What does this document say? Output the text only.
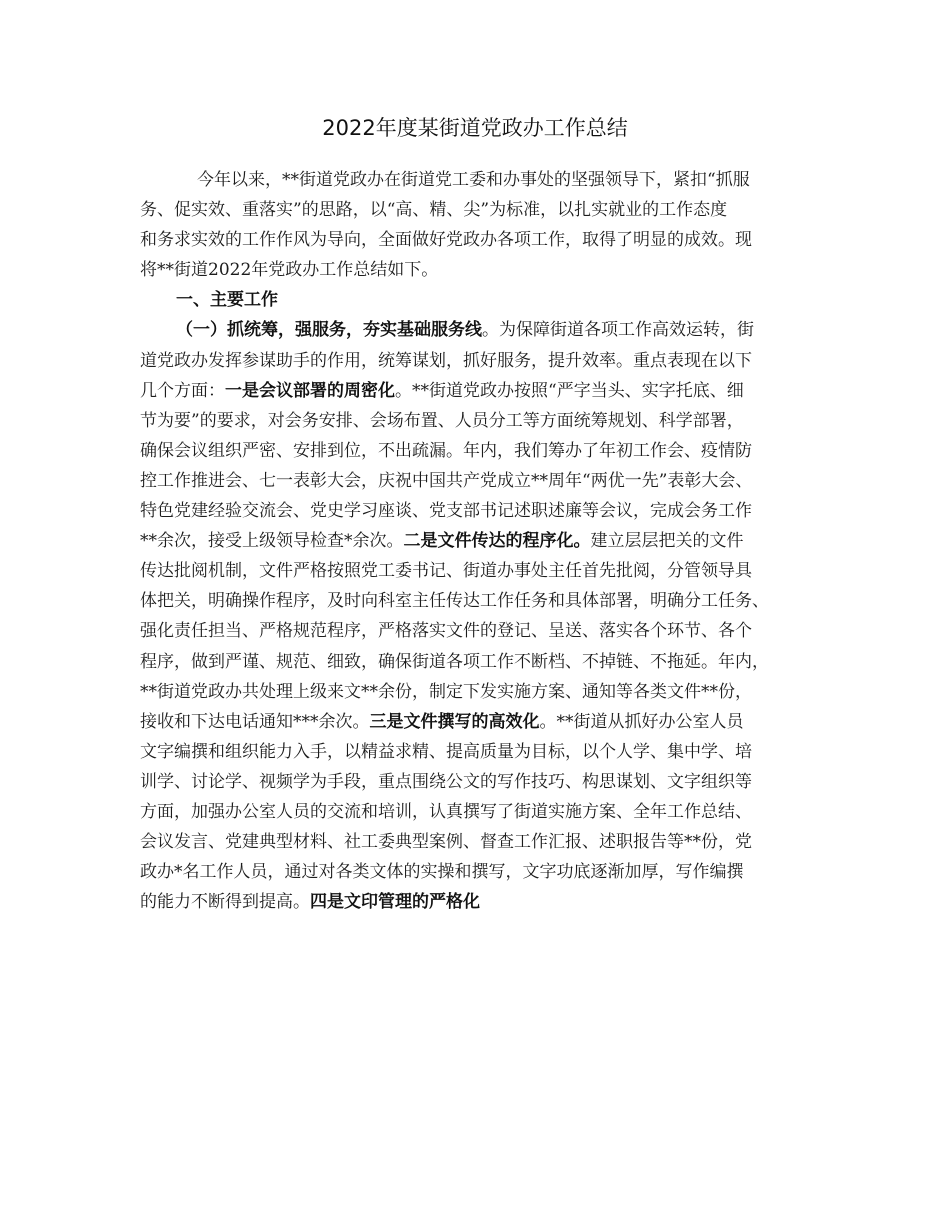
2022年度某街道党政办工作总结
今年以来，**街道党政办在街道党工委和办事处的坚强领导下，紧扣“抓服
务、促实效、重落实”的思路，以“高、精、尖”为标准，以扎实就业的工作态度
和务求实效的工作作风为导向，全面做好党政办各项工作，取得了明显的成效。现
将**街道2022年党政办工作总结如下。
一、主要工作
（一）抓统筹，强服务，夯实基础服务线。为保障街道各项工作高效运转，街
道党政办发挥参谋助手的作用，统筹谋划，抓好服务，提升效率。重点表现在以下
几个方面：一是会议部署的周密化。**街道党政办按照“严字当头、实字托底、细
节为要”的要求，对会务安排、会场布置、人员分工等方面统筹规划、科学部署，
确保会议组织严密、安排到位，不出疏漏。年内，我们筹办了年初工作会、疫情防
控工作推进会、七一表彰大会，庆祝中国共产党成立**周年“两优一先”表彰大会、
特色党建经验交流会、党史学习座谈、党支部书记述职述廉等会议，完成会务工作
**余次，接受上级领导检查*余次。二是文件传达的程序化。建立层层把关的文件
传达批阅机制，文件严格按照党工委书记、街道办事处主任首先批阅，分管领导具
体把关，明确操作程序，及时向科室主任传达工作任务和具体部署，明确分工任务、
强化责任担当、严格规范程序，严格落实文件的登记、呈送、落实各个环节、各个
程序，做到严谨、规范、细致，确保街道各项工作不断档、不掉链、不拖延。年内，
**街道党政办共处理上级来文**余份，制定下发实施方案、通知等各类文件**份，
接收和下达电话通知***余次。三是文件撰写的高效化。**街道从抓好办公室人员
文字编撰和组织能力入手，以精益求精、提高质量为目标，以个人学、集中学、培
训学、讨论学、视频学为手段，重点围绕公文的写作技巧、构思谋划、文字组织等
方面，加强办公室人员的交流和培训，认真撰写了街道实施方案、全年工作总结、
会议发言、党建典型材料、社工委典型案例、督查工作汇报、述职报告等**份，党
政办*名工作人员，通过对各类文体的实操和撰写，文字功底逐渐加厚，写作编撰
的能力不断得到提高。四是文印管理的严格化
